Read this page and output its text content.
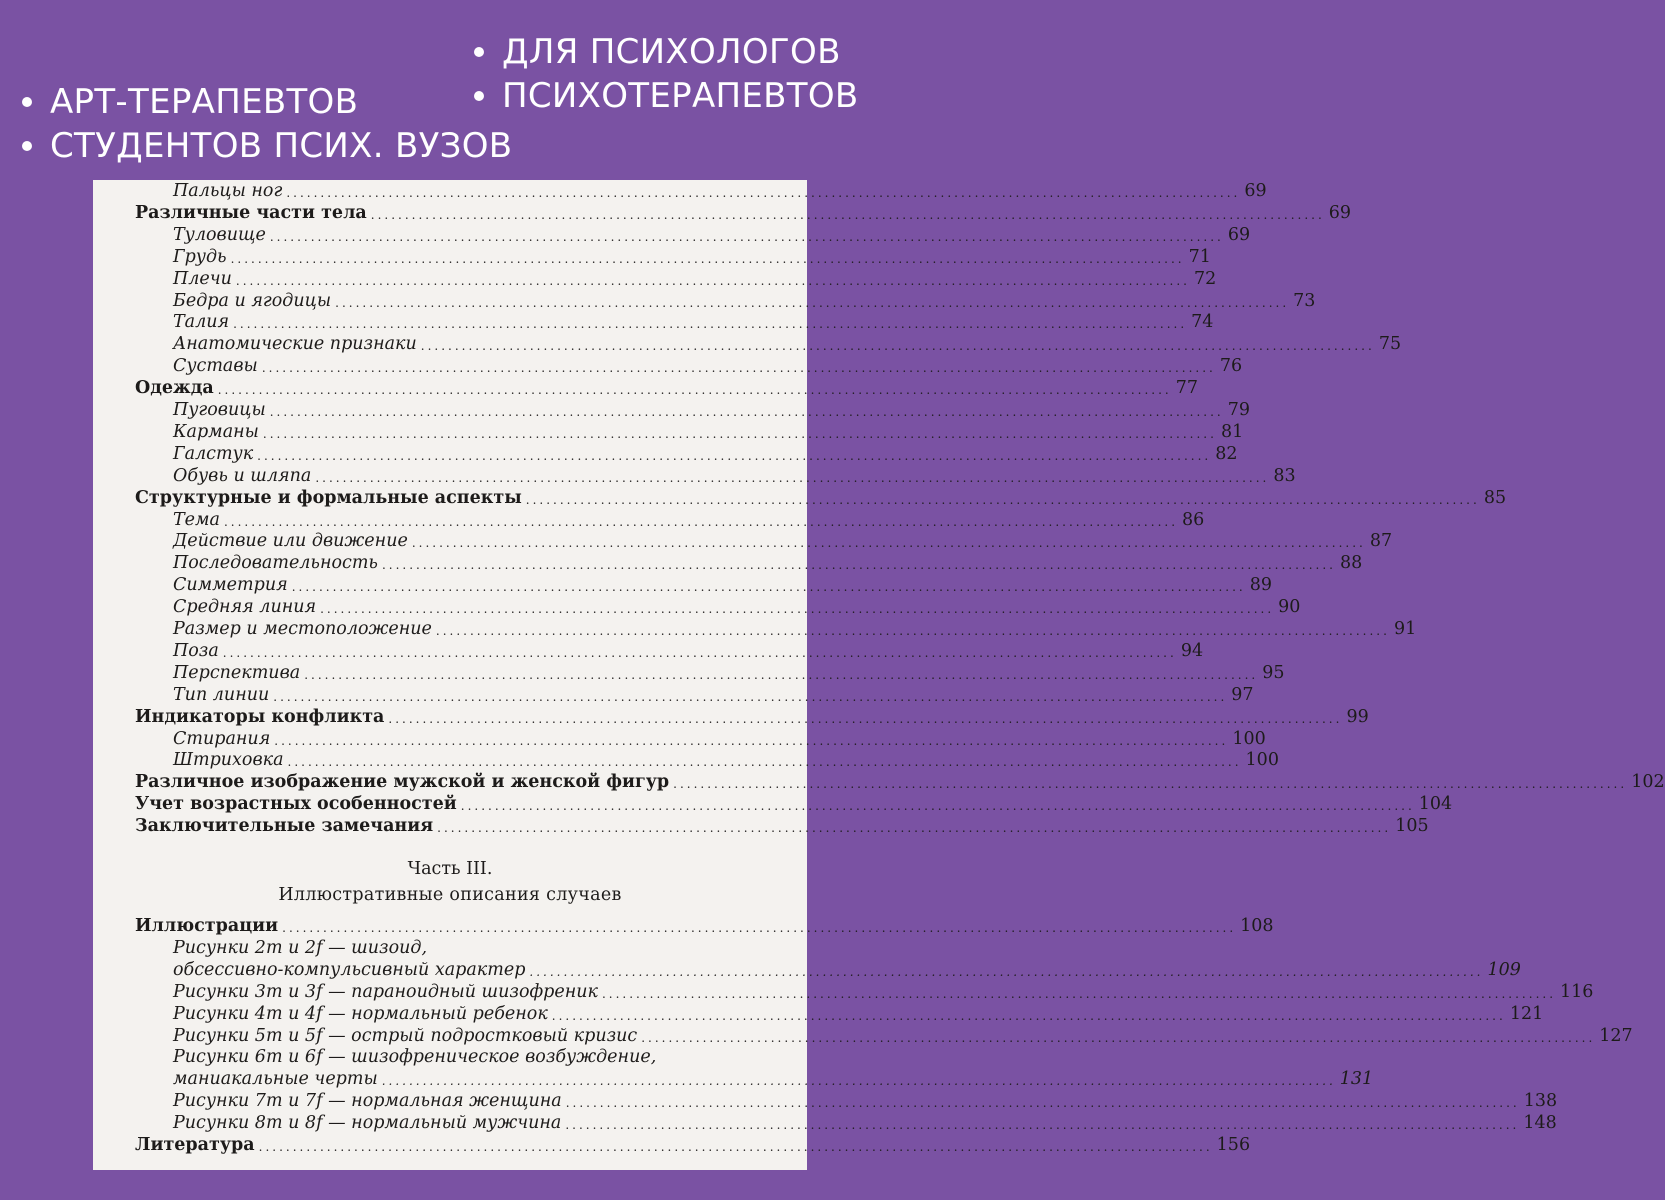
ДЛЯ ПСИХОЛОГОВ
ПСИХОТЕРАПЕВТОВ
АРТ-ТЕРАПЕВТОВ
СТУДЕНТОВ ПСИХ. ВУЗОВ
Пальцы ног ............................................................................................................................................ 69
Различные части тела ............................................................................................................................................ 69
Туловище ............................................................................................................................................ 69
Грудь ............................................................................................................................................ 71
Плечи ............................................................................................................................................ 72
Бедра и ягодицы ............................................................................................................................................ 73
Талия ............................................................................................................................................ 74
Анатомические признаки ............................................................................................................................................ 75
Суставы ............................................................................................................................................ 76
Одежда ............................................................................................................................................ 77
Пуговицы ............................................................................................................................................ 79
Карманы ............................................................................................................................................ 81
Галстук ............................................................................................................................................ 82
Обувь и шляпа ............................................................................................................................................ 83
Структурные и формальные аспекты ............................................................................................................................................ 85
Тема ............................................................................................................................................ 86
Действие или движение ............................................................................................................................................ 87
Последовательность ............................................................................................................................................ 88
Симметрия ............................................................................................................................................ 89
Средняя линия ............................................................................................................................................ 90
Размер и местоположение ............................................................................................................................................ 91
Поза ............................................................................................................................................ 94
Перспектива ............................................................................................................................................ 95
Тип линии ............................................................................................................................................ 97
Индикаторы конфликта ............................................................................................................................................ 99
Стирания ............................................................................................................................................ 100
Штриховка ............................................................................................................................................ 100
Различное изображение мужской и женской фигур ............................................................................................................................................ 102
Учет возрастных особенностей ............................................................................................................................................ 104
Заключительные замечания ............................................................................................................................................ 105
Часть III.
Иллюстративные описания случаев
Иллюстрации ............................................................................................................................................ 108
Рисунки 2т и 2f — шизоид,
обсессивно-компульсивный характер ............................................................................................................................................ 109
Рисунки 3т и 3f — параноидный шизофреник ............................................................................................................................................ 116
Рисунки 4т и 4f — нормальный ребенок ............................................................................................................................................ 121
Рисунки 5т и 5f — острый подростковый кризис ............................................................................................................................................ 127
Рисунки 6т и 6f — шизофреническое возбуждение,
маниакальные черты ............................................................................................................................................ 131
Рисунки 7т и 7f — нормальная женщина ............................................................................................................................................ 138
Рисунки 8т и 8f — нормальный мужчина ............................................................................................................................................ 148
Литература ............................................................................................................................................ 156
